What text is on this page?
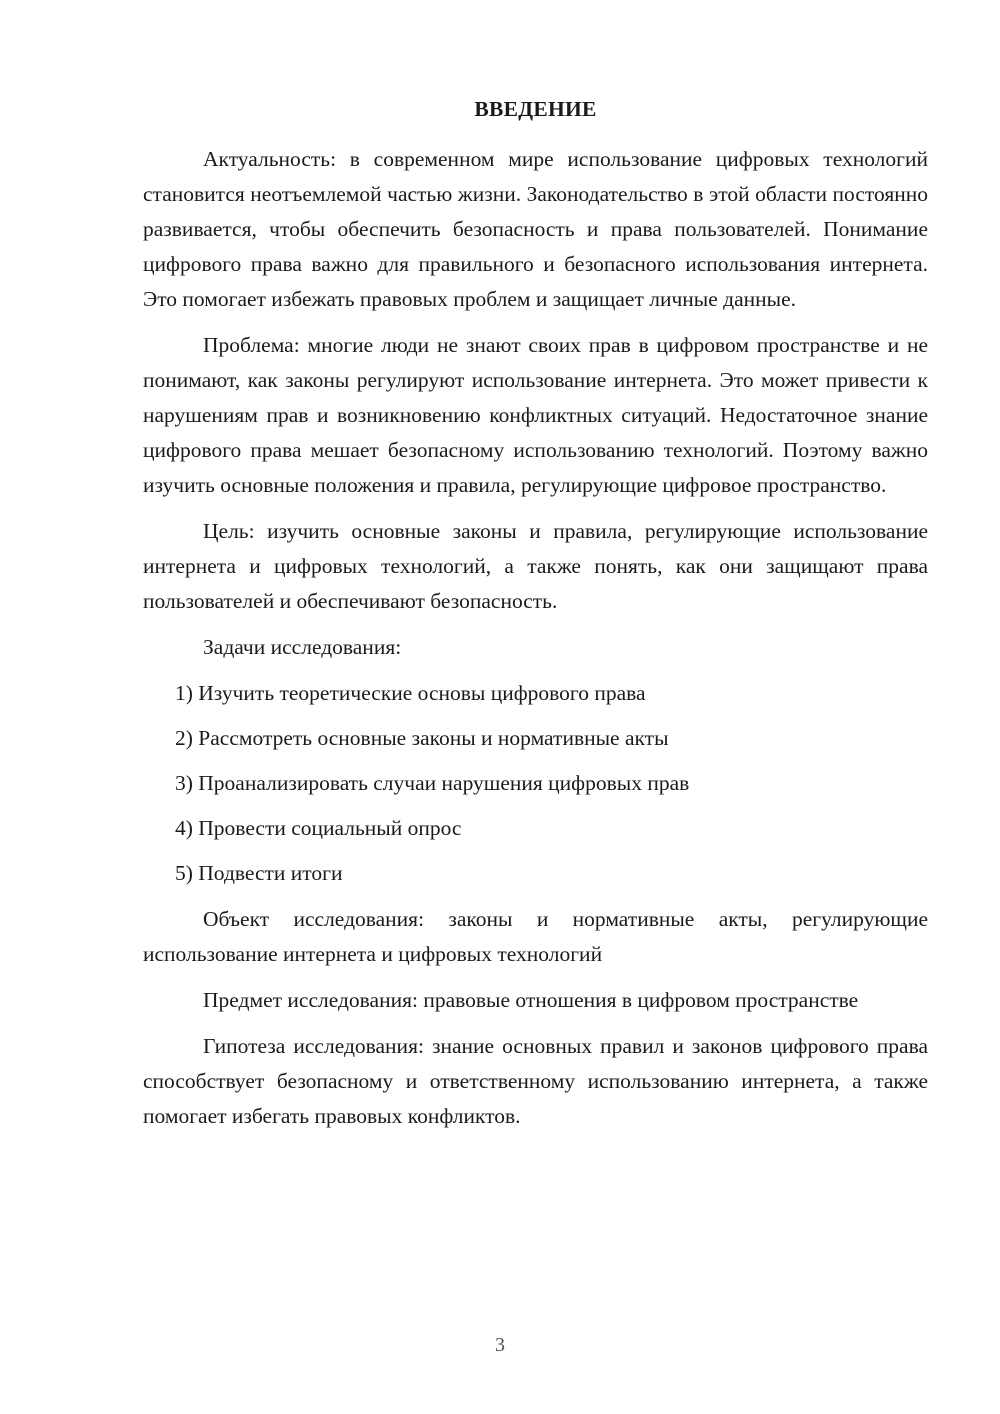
ВВЕДЕНИЕ

Актуальность: в современном мире использование цифровых технологий становится неотъемлемой частью жизни. Законодательство в этой области постоянно развивается, чтобы обеспечить безопасность и права пользователей. Понимание цифрового права важно для правильного и безопасного использования интернета. Это помогает избежать правовых проблем и защищает личные данные.

Проблема: многие люди не знают своих прав в цифровом пространстве и не понимают, как законы регулируют использование интернета. Это может привести к нарушениям прав и возникновению конфликтных ситуаций. Недостаточное знание цифрового права мешает безопасному использованию технологий. Поэтому важно изучить основные положения и правила, регулирующие цифровое пространство.

Цель: изучить основные законы и правила, регулирующие использование интернета и цифровых технологий, а также понять, как они защищают права пользователей и обеспечивают безопасность.

Задачи исследования:

1) Изучить теоретические основы цифрового права
2) Рассмотреть основные законы и нормативные акты
3) Проанализировать случаи нарушения цифровых прав
4) Провести социальный опрос
5) Подвести итоги

Объект исследования: законы и нормативные акты, регулирующие использование интернета и цифровых технологий

Предмет исследования: правовые отношения в цифровом пространстве

Гипотеза исследования: знание основных правил и законов цифрового права способствует безопасному и ответственному использованию интернета, а также помогает избегать правовых конфликтов.

3
